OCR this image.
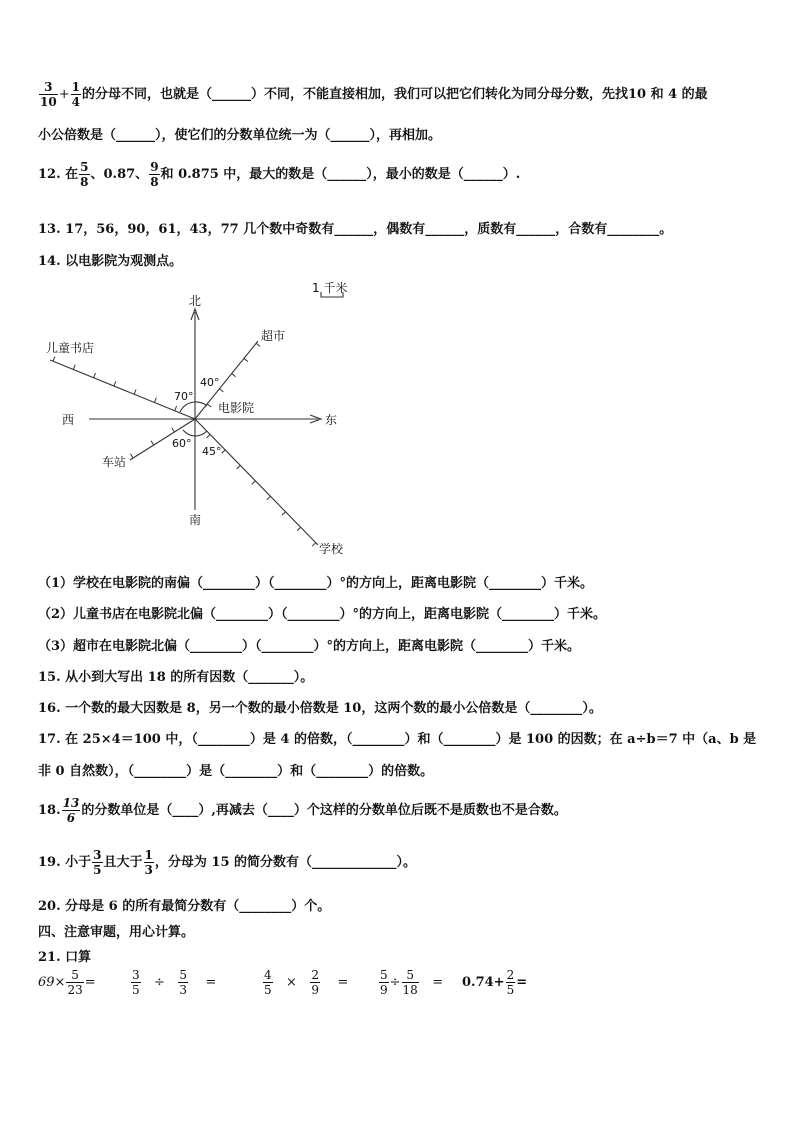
$\frac{3}{10} + \frac{1}{4}$ 的分母不同，也就是（______）不同，不能直接相加，我们可以把它们转化为同分母分数，先找10 和 4 的最
小公倍数是（______），使它们的分数单位统一为（______），再相加。
12. 在 $\frac{5}{8}$ 、0.87、 $\frac{9}{8}$ 和 0.875 中，最大的数是（______），最小的数是（______）.
13. 17，56，90，61，43，77 几个数中奇数有______，偶数有______，质数有______，合数有________。
14. 以电影院为观测点。
北
南
东
西
电影院
超市
儿童书店
车站
学校
1 千米
40°
70°
60°
45°
（1）学校在电影院的南偏（________）（________）°的方向上，距离电影院（________）千米。
（2）儿童书店在电影院北偏（________）（________）°的方向上，距离电影院（________）千米。
（3）超市在电影院北偏（________）（________）°的方向上，距离电影院（________）千米。
15. 从小到大写出 18 的所有因数（_______）。
16. 一个数的最大因数是 8，另一个数的最小倍数是 10，这两个数的最小公倍数是（________）。
17. 在 25×4＝100 中，（________）是 4 的倍数，（________）和（________）是 100 的因数；在 a÷b＝7 中（a、b 是
非 0 自然数），（________）是（________）和（________）的倍数。
18. $\frac{13}{6}$ 的分数单位是（____）,再减去（____）个这样的分数单位后既不是质数也不是合数。
19. 小于 $\frac{3}{5}$ 且大于 $\frac{1}{3}$ ，分母为 15 的简分数有（_____________）。
20. 分母是 6 的所有最简分数有（________）个。
四、注意审题，用心计算。
21. 口算
$69\times \frac{5}{23}$ =	$\frac{3}{5} \div \frac{5}{3}$ =	$\frac{4}{5} \times \frac{2}{9}$ =	$\frac{5}{9} \div \frac{5}{18} = 0.74+ \frac{2}{5}$ =
